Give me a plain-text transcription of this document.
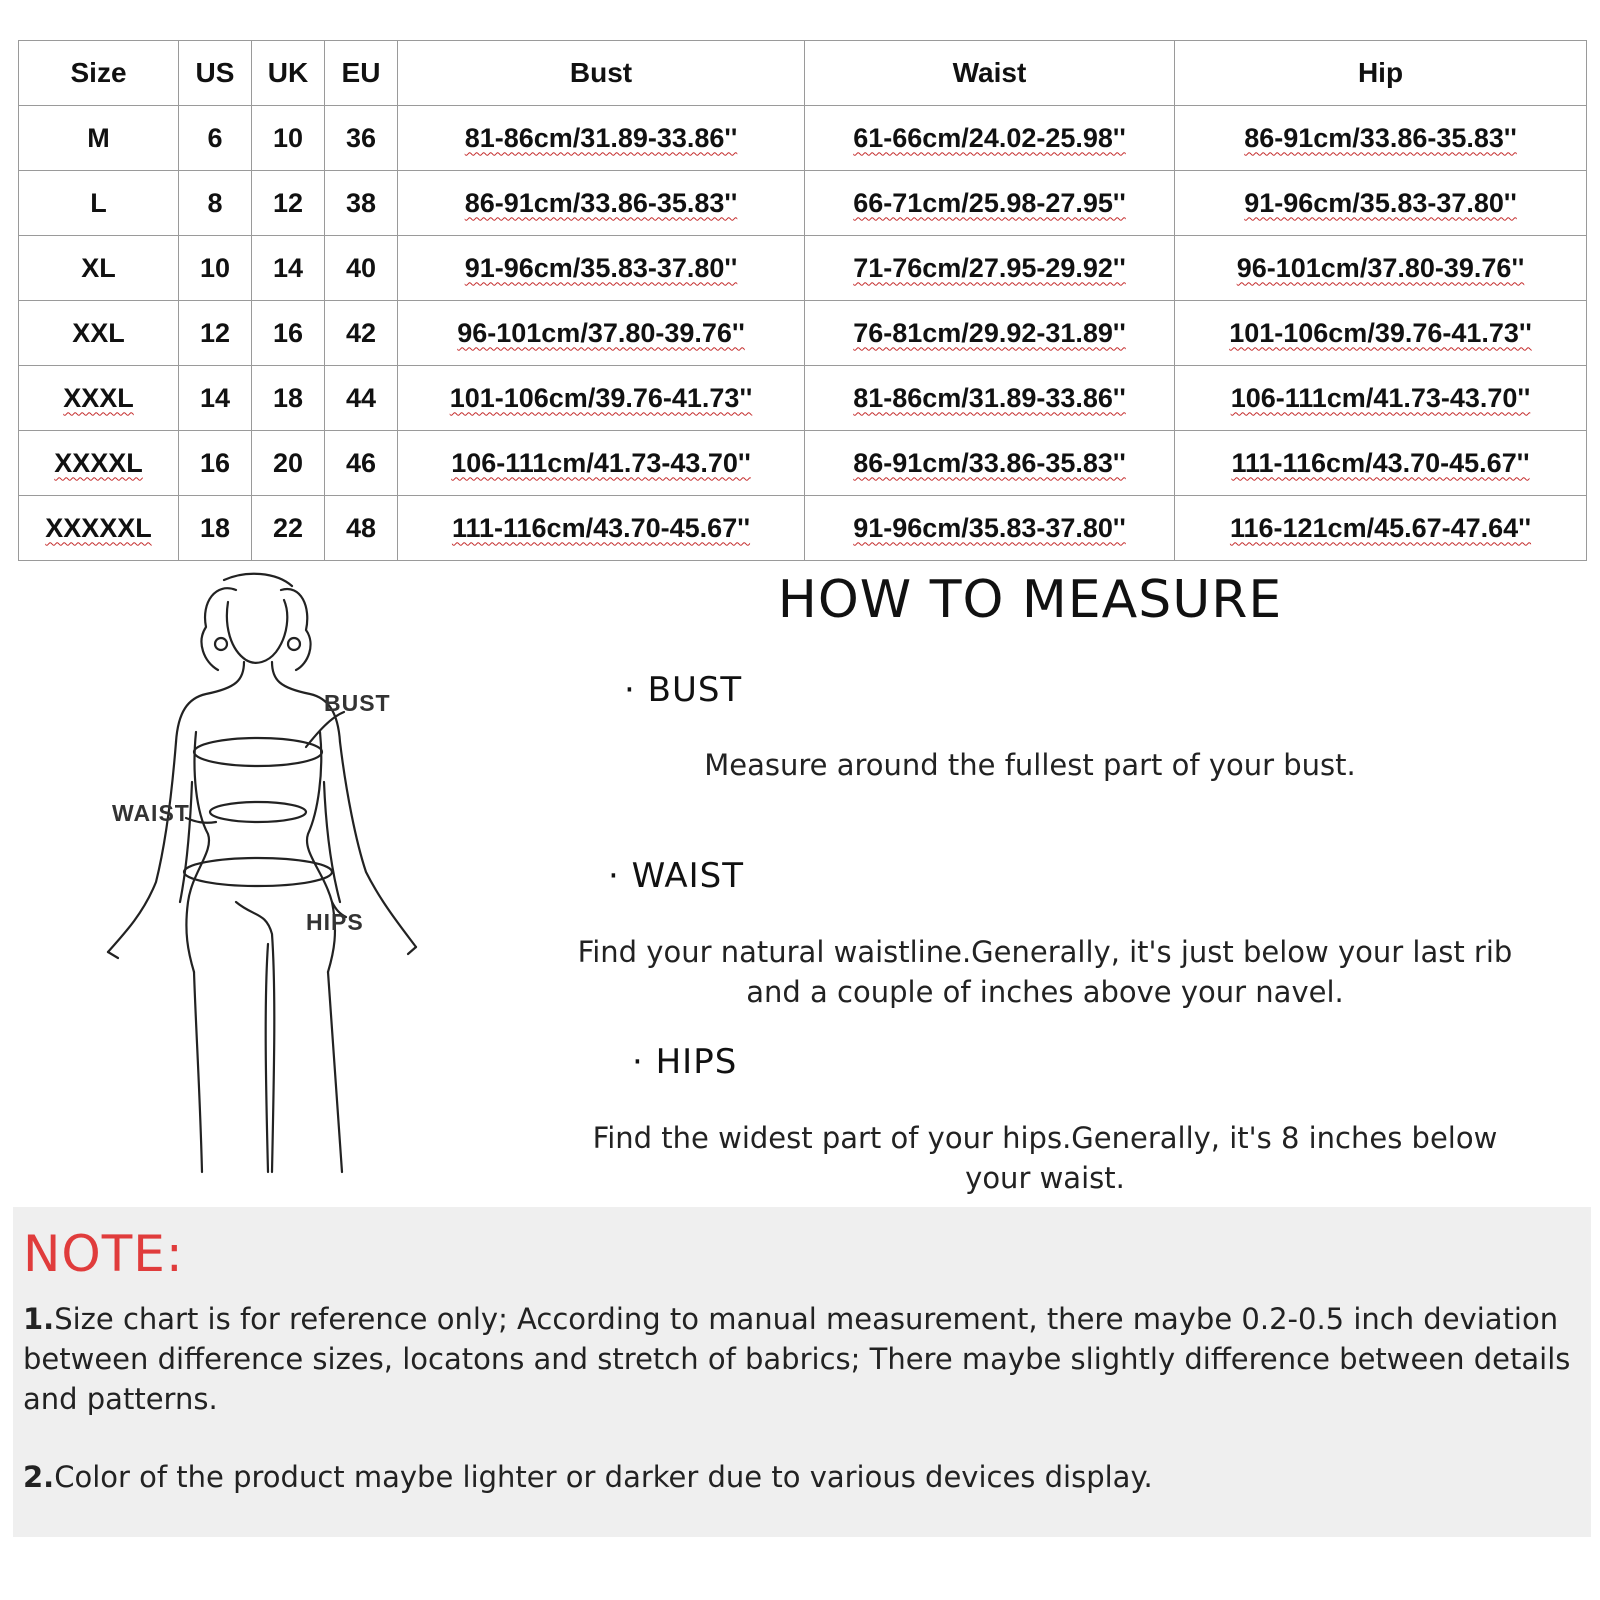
Size	US	UK	EU	Bust	Waist	Hip
M	6	10	36	81-86cm/31.89-33.86''	61-66cm/24.02-25.98''	86-91cm/33.86-35.83''
L	8	12	38	86-91cm/33.86-35.83''	66-71cm/25.98-27.95''	91-96cm/35.83-37.80''
XL	10	14	40	91-96cm/35.83-37.80''	71-76cm/27.95-29.92''	96-101cm/37.80-39.76''
XXL	12	16	42	96-101cm/37.80-39.76''	76-81cm/29.92-31.89''	101-106cm/39.76-41.73''
XXXL	14	18	44	101-106cm/39.76-41.73''	81-86cm/31.89-33.86''	106-111cm/41.73-43.70''
XXXXL	16	20	46	106-111cm/41.73-43.70''	86-91cm/33.86-35.83''	111-116cm/43.70-45.67''
XXXXXL	18	22	48	111-116cm/43.70-45.67''	91-96cm/35.83-37.80''	116-121cm/45.67-47.64''
BUST
WAIST
HIPS
HOW TO MEASURE
· BUST
Measure around the fullest part of your bust.
· WAIST
Find your natural waistline.Generally, it's just below your last rib
and a couple of inches above your navel.
· HIPS
Find the widest part of your hips.Generally, it's 8 inches below
your waist.
NOTE:
1.Size chart is for reference only; According to manual measurement, there maybe 0.2-0.5 inch deviation between difference sizes, locatons and stretch of babrics; There maybe slightly difference between details and patterns.
2.Color of the product maybe lighter or darker due to various devices display.
